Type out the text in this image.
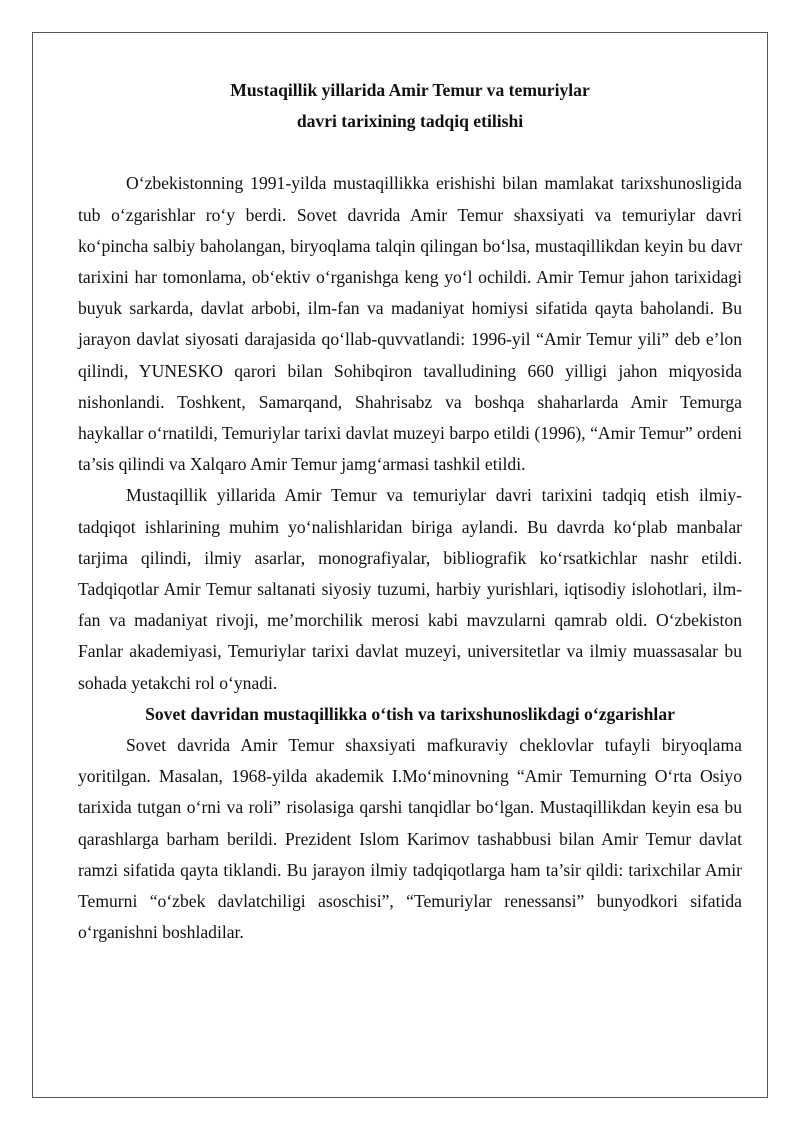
Mustaqillik yillarida Amir Temur va temuriylar

davri tarixining tadqiq etilishi

O‘zbekistonning 1991-yilda mustaqillikka erishishi bilan mamlakat tarixshunosligida tub o‘zgarishlar ro‘y berdi. Sovet davrida Amir Temur shaxsiyati va temuriylar davri ko‘pincha salbiy baholangan, biryoqlama talqin qilingan bo‘lsa, mustaqillikdan keyin bu davr tarixini har tomonlama, ob‘ektiv o‘rganishga keng yo‘l ochildi. Amir Temur jahon tarixidagi buyuk sarkarda, davlat arbobi, ilm-fan va madaniyat homiysi sifatida qayta baholandi. Bu jarayon davlat siyosati darajasida qo‘llab-quvvatlandi: 1996-yil “Amir Temur yili” deb e’lon qilindi, YUNESKO qarori bilan Sohibqiron tavalludining 660 yilligi jahon miqyosida nishonlandi. Toshkent, Samarqand, Shahrisabz va boshqa shaharlarda Amir Temurga haykallar o‘rnatildi, Temuriylar tarixi davlat muzeyi barpo etildi (1996), “Amir Temur” ordeni ta’sis qilindi va Xalqaro Amir Temur jamg‘armasi tashkil etildi.

Mustaqillik yillarida Amir Temur va temuriylar davri tarixini tadqiq etish ilmiy-tadqiqot ishlarining muhim yo‘nalishlaridan biriga aylandi. Bu davrda ko‘plab manbalar tarjima qilindi, ilmiy asarlar, monografiyalar, bibliografik ko‘rsatkichlar nashr etildi. Tadqiqotlar Amir Temur saltanati siyosiy tuzumi, harbiy yurishlari, iqtisodiy islohotlari, ilm-fan va madaniyat rivoji, me’morchilik merosi kabi mavzularni qamrab oldi. O‘zbekiston Fanlar akademiyasi, Temuriylar tarixi davlat muzeyi, universitetlar va ilmiy muassasalar bu sohada yetakchi rol o‘ynadi.

Sovet davridan mustaqillikka o‘tish va tarixshunoslikdagi o‘zgarishlar

Sovet davrida Amir Temur shaxsiyati mafkuraviy cheklovlar tufayli biryoqlama yoritilgan. Masalan, 1968-yilda akademik I.Mo‘minovning “Amir Temurning O‘rta Osiyo tarixida tutgan o‘rni va roli” risolasiga qarshi tanqidlar bo‘lgan. Mustaqillikdan keyin esa bu qarashlarga barham berildi. Prezident Islom Karimov tashabbusi bilan Amir Temur davlat ramzi sifatida qayta tiklandi. Bu jarayon ilmiy tadqiqotlarga ham ta’sir qildi: tarixchilar Amir Temurni “o‘zbek davlatchiligi asoschisi”, “Temuriylar renessansi” bunyodkori sifatida o‘rganishni boshladilar.
